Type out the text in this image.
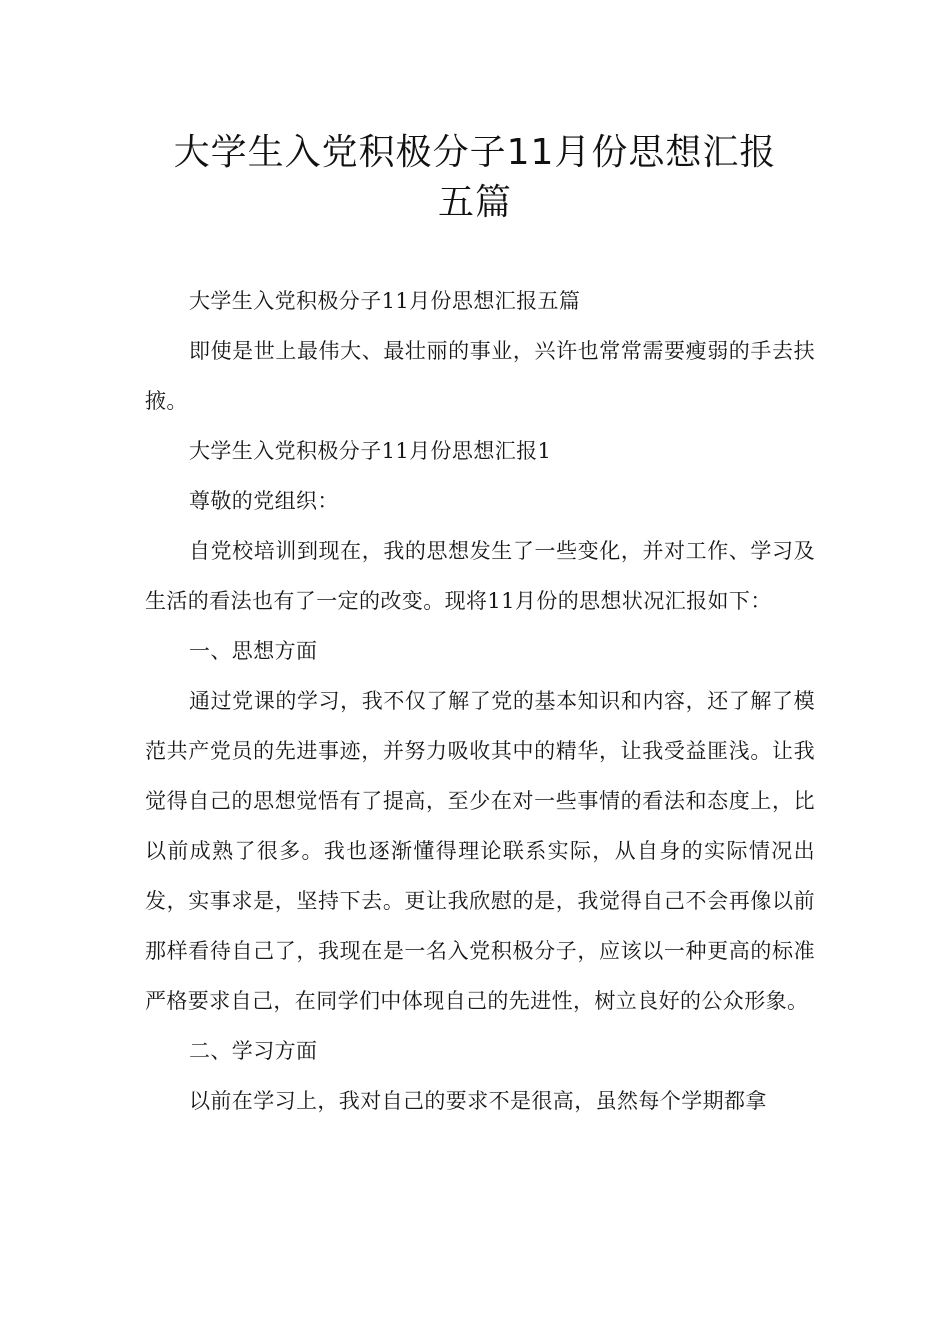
大学生入党积极分子11月份思想汇报
五篇

大学生入党积极分子11月份思想汇报五篇

即使是世上最伟大、最壮丽的事业，兴许也常常需要瘦弱的手去扶掖。

大学生入党积极分子11月份思想汇报1

尊敬的党组织：

自党校培训到现在，我的思想发生了一些变化，并对工作、学习及生活的看法也有了一定的改变。现将11月份的思想状况汇报如下：

一、思想方面

通过党课的学习，我不仅了解了党的基本知识和内容，还了解了模范共产党员的先进事迹，并努力吸收其中的精华，让我受益匪浅。让我觉得自己的思想觉悟有了提高，至少在对一些事情的看法和态度上，比以前成熟了很多。我也逐渐懂得理论联系实际，从自身的实际情况出发，实事求是，坚持下去。更让我欣慰的是，我觉得自己不会再像以前那样看待自己了，我现在是一名入党积极分子，应该以一种更高的标准严格要求自己，在同学们中体现自己的先进性，树立良好的公众形象。

二、学习方面

以前在学习上，我对自己的要求不是很高，虽然每个学期都拿
